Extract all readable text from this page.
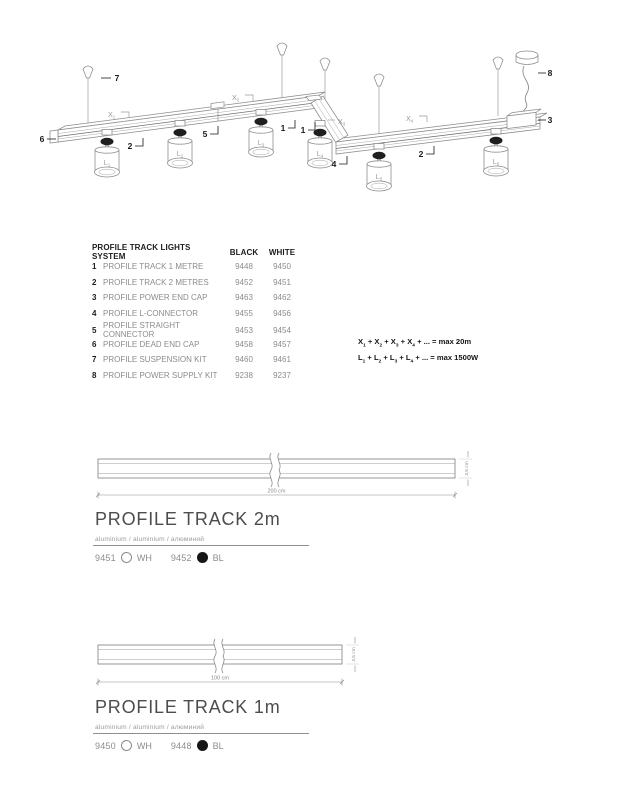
$L_1$
$L_2$
$L_3$
$L_4$
$L_5$
$L_6$
$X_1$
$X_2$
$X_3$
$X_4$
7
6	5
2
1 1
4
2
3
8
PROFILE TRACK LIGHTS SYSTEM	BLACK	WHITE
1 PROFILE TRACK 1 METRE	9448	9450
2 PROFILE TRACK 2 METRES	9452	9451
3 PROFILE POWER END CAP	9463	9462
4 PROFILE L-CONNECTOR	9455	9456
5 PROFILE STRAIGHT CONNECTOR	9453	9454
6 PROFILE DEAD END CAP	9458	9457
7 PROFILE SUSPENSION KIT	9460	9461
8 PROFILE POWER SUPPLY KIT	9238	9237
$X_1 + X_2 + X_3 + X_4$ + ... = max 20m
$L_1 + L_2 + L_3 + L_4$ + ... = max 1500W
200 cm
3,5 cm
PROFILE TRACK 2m
aluminium / aluminium / алюминий
9451 WH 9452 BL
100 cm
3,5 cm
PROFILE TRACK 1m
aluminium / aluminium / алюминий
9450 WH 9448 BL
